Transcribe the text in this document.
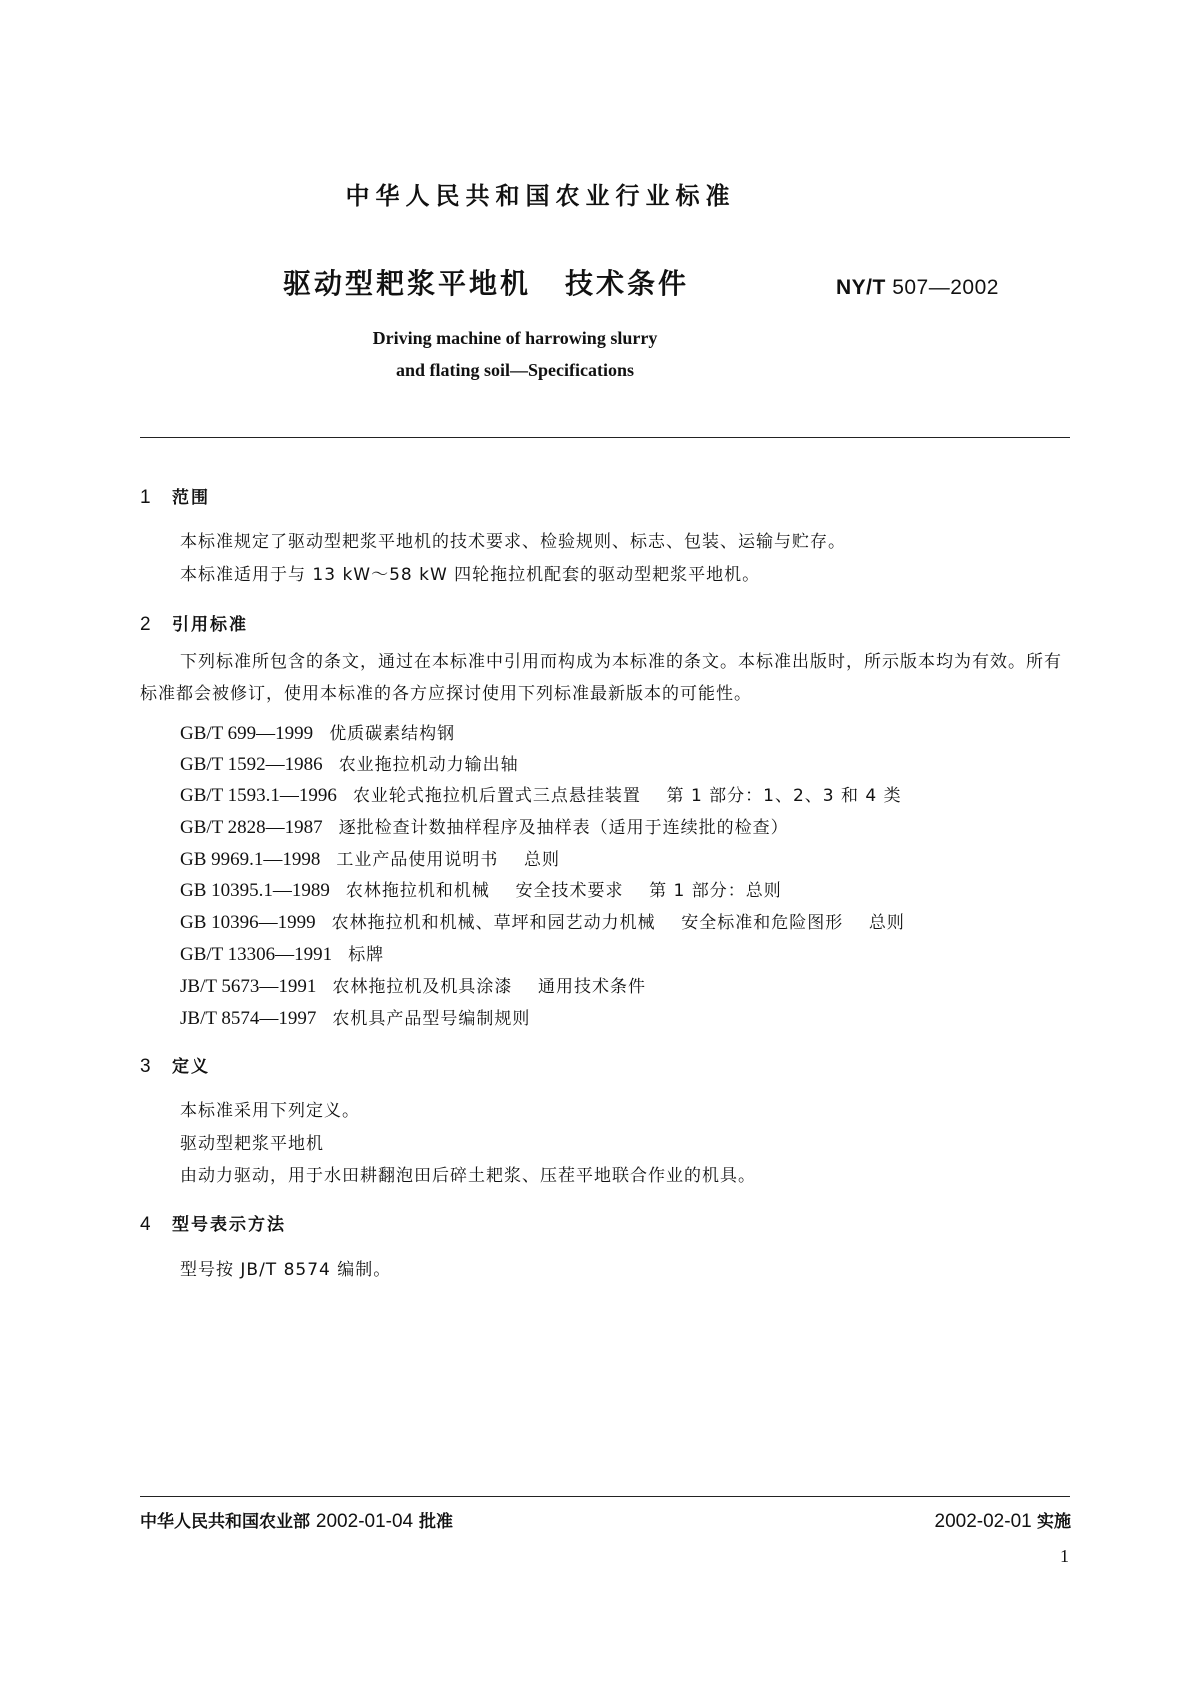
中华人民共和国农业行业标准
驱动型耙浆平地机 技术条件	NY/T 507—2002
Driving machine of harrowing slurry
and flating soil—Specifications
1 范围
本标准规定了驱动型耙浆平地机的技术要求、检验规则、标志、包装、运输与贮存。
本标准适用于与 13 kW～58 kW 四轮拖拉机配套的驱动型耙浆平地机。
2 引用标准
下列标准所包含的条文，通过在本标准中引用而构成为本标准的条文。本标准出版时，所示版本均为有效。所有标准都会被修订，使用本标准的各方应探讨使用下列标准最新版本的可能性。
GB/T 699—1999 优质碳素结构钢
GB/T 1592—1986 农业拖拉机动力输出轴
GB/T 1593.1—1996 农业轮式拖拉机后置式三点悬挂装置    第 1 部分：1、2、3 和 4 类
GB/T 2828—1987 逐批检查计数抽样程序及抽样表（适用于连续批的检查）
GB 9969.1—1998 工业产品使用说明书    总则
GB 10395.1—1989 农林拖拉机和机械    安全技术要求    第 1 部分：总则
GB 10396—1999 农林拖拉机和机械、草坪和园艺动力机械    安全标准和危险图形    总则
GB/T 13306—1991 标牌
JB/T 5673—1991 农林拖拉机及机具涂漆    通用技术条件
JB/T 8574—1997 农机具产品型号编制规则
3 定义
本标准采用下列定义。
驱动型耙浆平地机
由动力驱动，用于水田耕翻泡田后碎土耙浆、压茬平地联合作业的机具。
4 型号表示方法
型号按 JB/T 8574 编制。
中华人民共和国农业部 2002-01-04 批准	2002-02-01 实施
1
